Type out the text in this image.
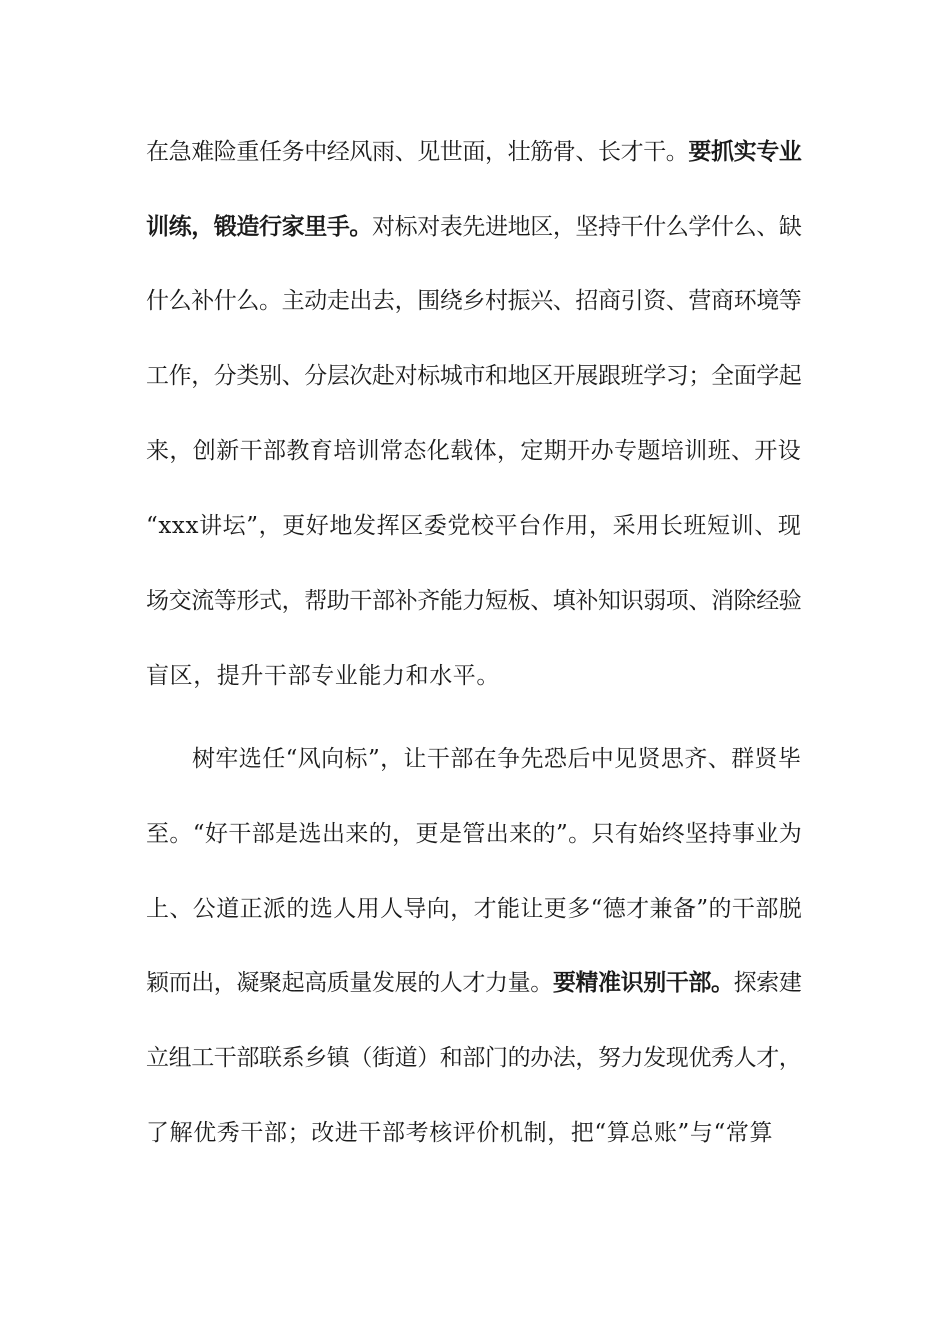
在急难险重任务中经风雨、见世面，壮筋骨、长才干。要抓实专业
训练，锻造行家里手。对标对表先进地区，坚持干什么学什么、缺
什么补什么。主动走出去，围绕乡村振兴、招商引资、营商环境等
工作，分类别、分层次赴对标城市和地区开展跟班学习；全面学起
来，创新干部教育培训常态化载体，定期开办专题培训班、开设
“xxx讲坛”，更好地发挥区委党校平台作用，采用长班短训、现
场交流等形式，帮助干部补齐能力短板、填补知识弱项、消除经验
盲区，提升干部专业能力和水平。
树牢选任“风向标”，让干部在争先恐后中见贤思齐、群贤毕
至。“好干部是选出来的，更是管出来的”。只有始终坚持事业为
上、公道正派的选人用人导向，才能让更多“德才兼备”的干部脱
颖而出，凝聚起高质量发展的人才力量。要精准识别干部。探索建
立组工干部联系乡镇（街道）和部门的办法，努力发现优秀人才，
了解优秀干部；改进干部考核评价机制，把“算总账”与“常算
